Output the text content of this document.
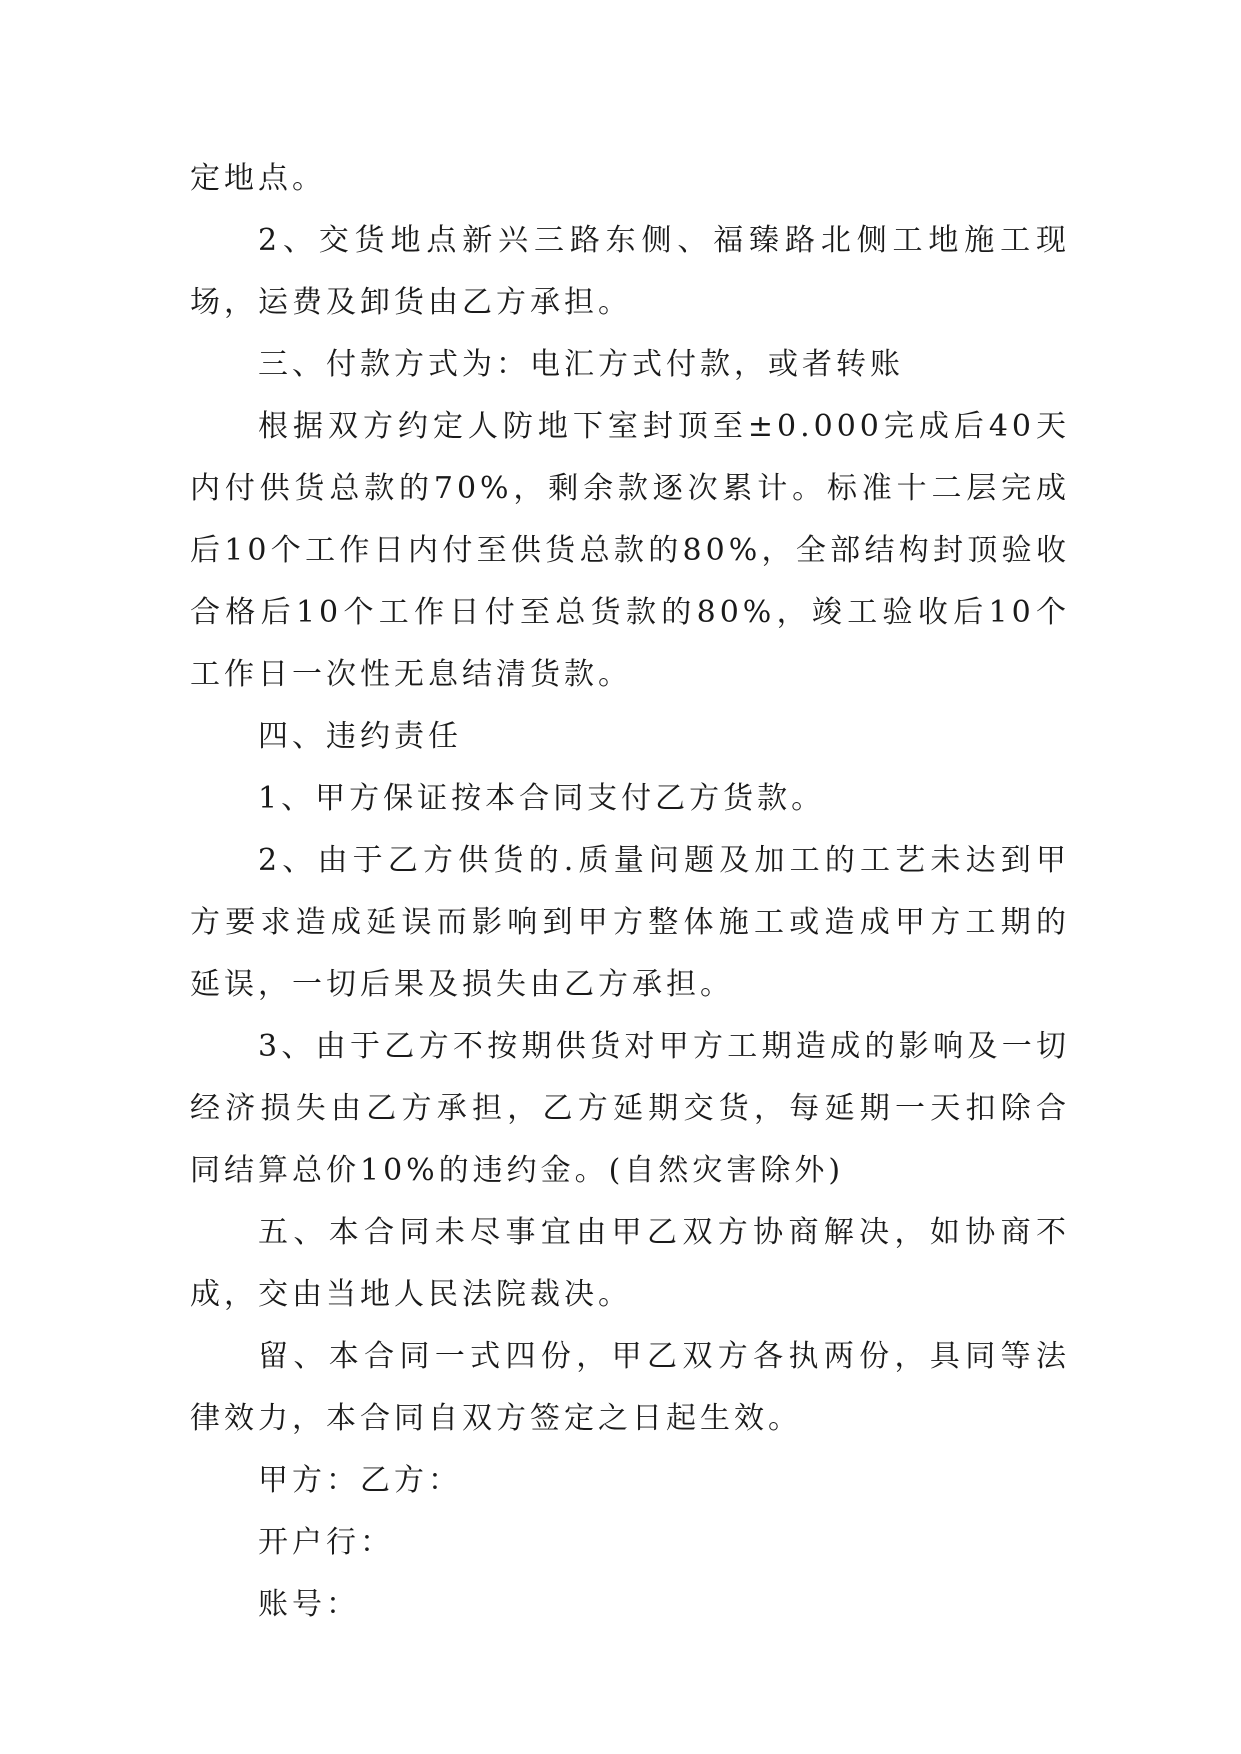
定地点。

2、交货地点新兴三路东侧、福臻路北侧工地施工现场，运费及卸货由乙方承担。

三、付款方式为：电汇方式付款，或者转账

根据双方约定人防地下室封顶至±0.000完成后40天内付供货总款的70%，剩余款逐次累计。标准十二层完成后10个工作日内付至供货总款的80%，全部结构封顶验收合格后10个工作日付至总货款的80%，竣工验收后10个工作日一次性无息结清货款。

四、违约责任

1、甲方保证按本合同支付乙方货款。

2、由于乙方供货的.质量问题及加工的工艺未达到甲方要求造成延误而影响到甲方整体施工或造成甲方工期的延误，一切后果及损失由乙方承担。

3、由于乙方不按期供货对甲方工期造成的影响及一切经济损失由乙方承担，乙方延期交货，每延期一天扣除合同结算总价10%的违约金。(自然灾害除外)

五、本合同未尽事宜由甲乙双方协商解决，如协商不成，交由当地人民法院裁决。

留、本合同一式四份，甲乙双方各执两份，具同等法律效力，本合同自双方签定之日起生效。

甲方：乙方：

开户行：

账号：
